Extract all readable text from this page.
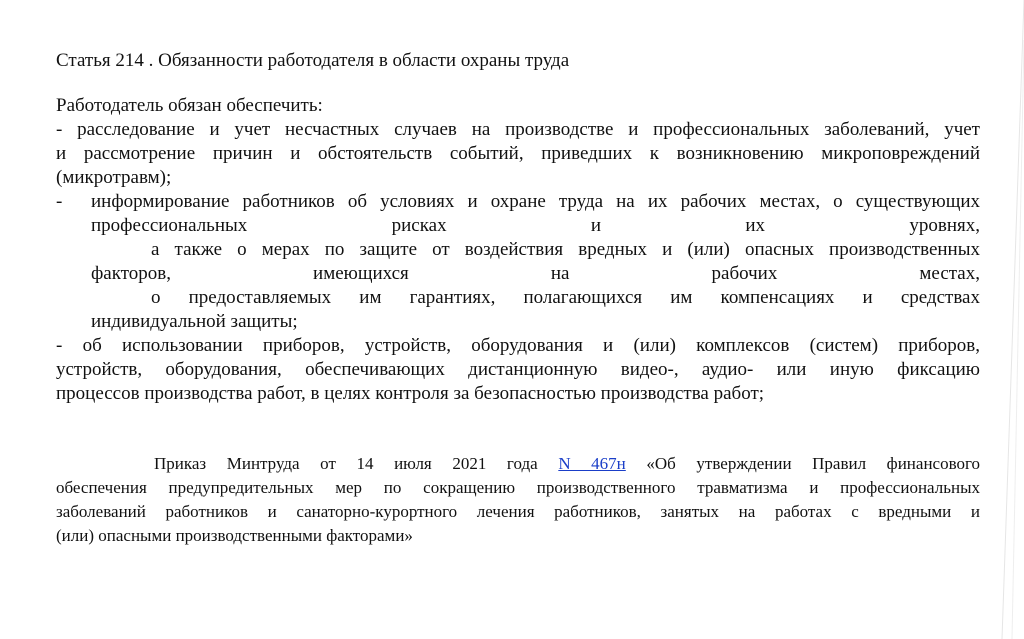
Статья 214 . Обязанности работодателя в области охраны труда
Работодатель обязан обеспечить:
- расследование и учет несчастных случаев на производстве и профессиональных заболеваний, учет
и рассмотрение причин и обстоятельств событий, приведших к возникновению микроповреждений
(микротравм);
- информирование работников об условиях и охране труда на их рабочих местах, о существующих
профессиональных рисках и их уровнях,
а также о мерах по защите от воздействия вредных и (или) опасных производственных
факторов, имеющихся на рабочих местах,
о предоставляемых им гарантиях, полагающихся им компенсациях и средствах
индивидуальной защиты;
- об использовании приборов, устройств, оборудования и (или) комплексов (систем) приборов,
устройств, оборудования, обеспечивающих дистанционную видео-, аудио- или иную фиксацию
процессов производства работ, в целях контроля за безопасностью производства работ;
Приказ Минтруда от 14 июля 2021 года N 467н «Об утверждении Правил финансового
обеспечения предупредительных мер по сокращению производственного травматизма и профессиональных
заболеваний работников и санаторно-курортного лечения работников, занятых на работах с вредными и
(или) опасными производственными факторами»
